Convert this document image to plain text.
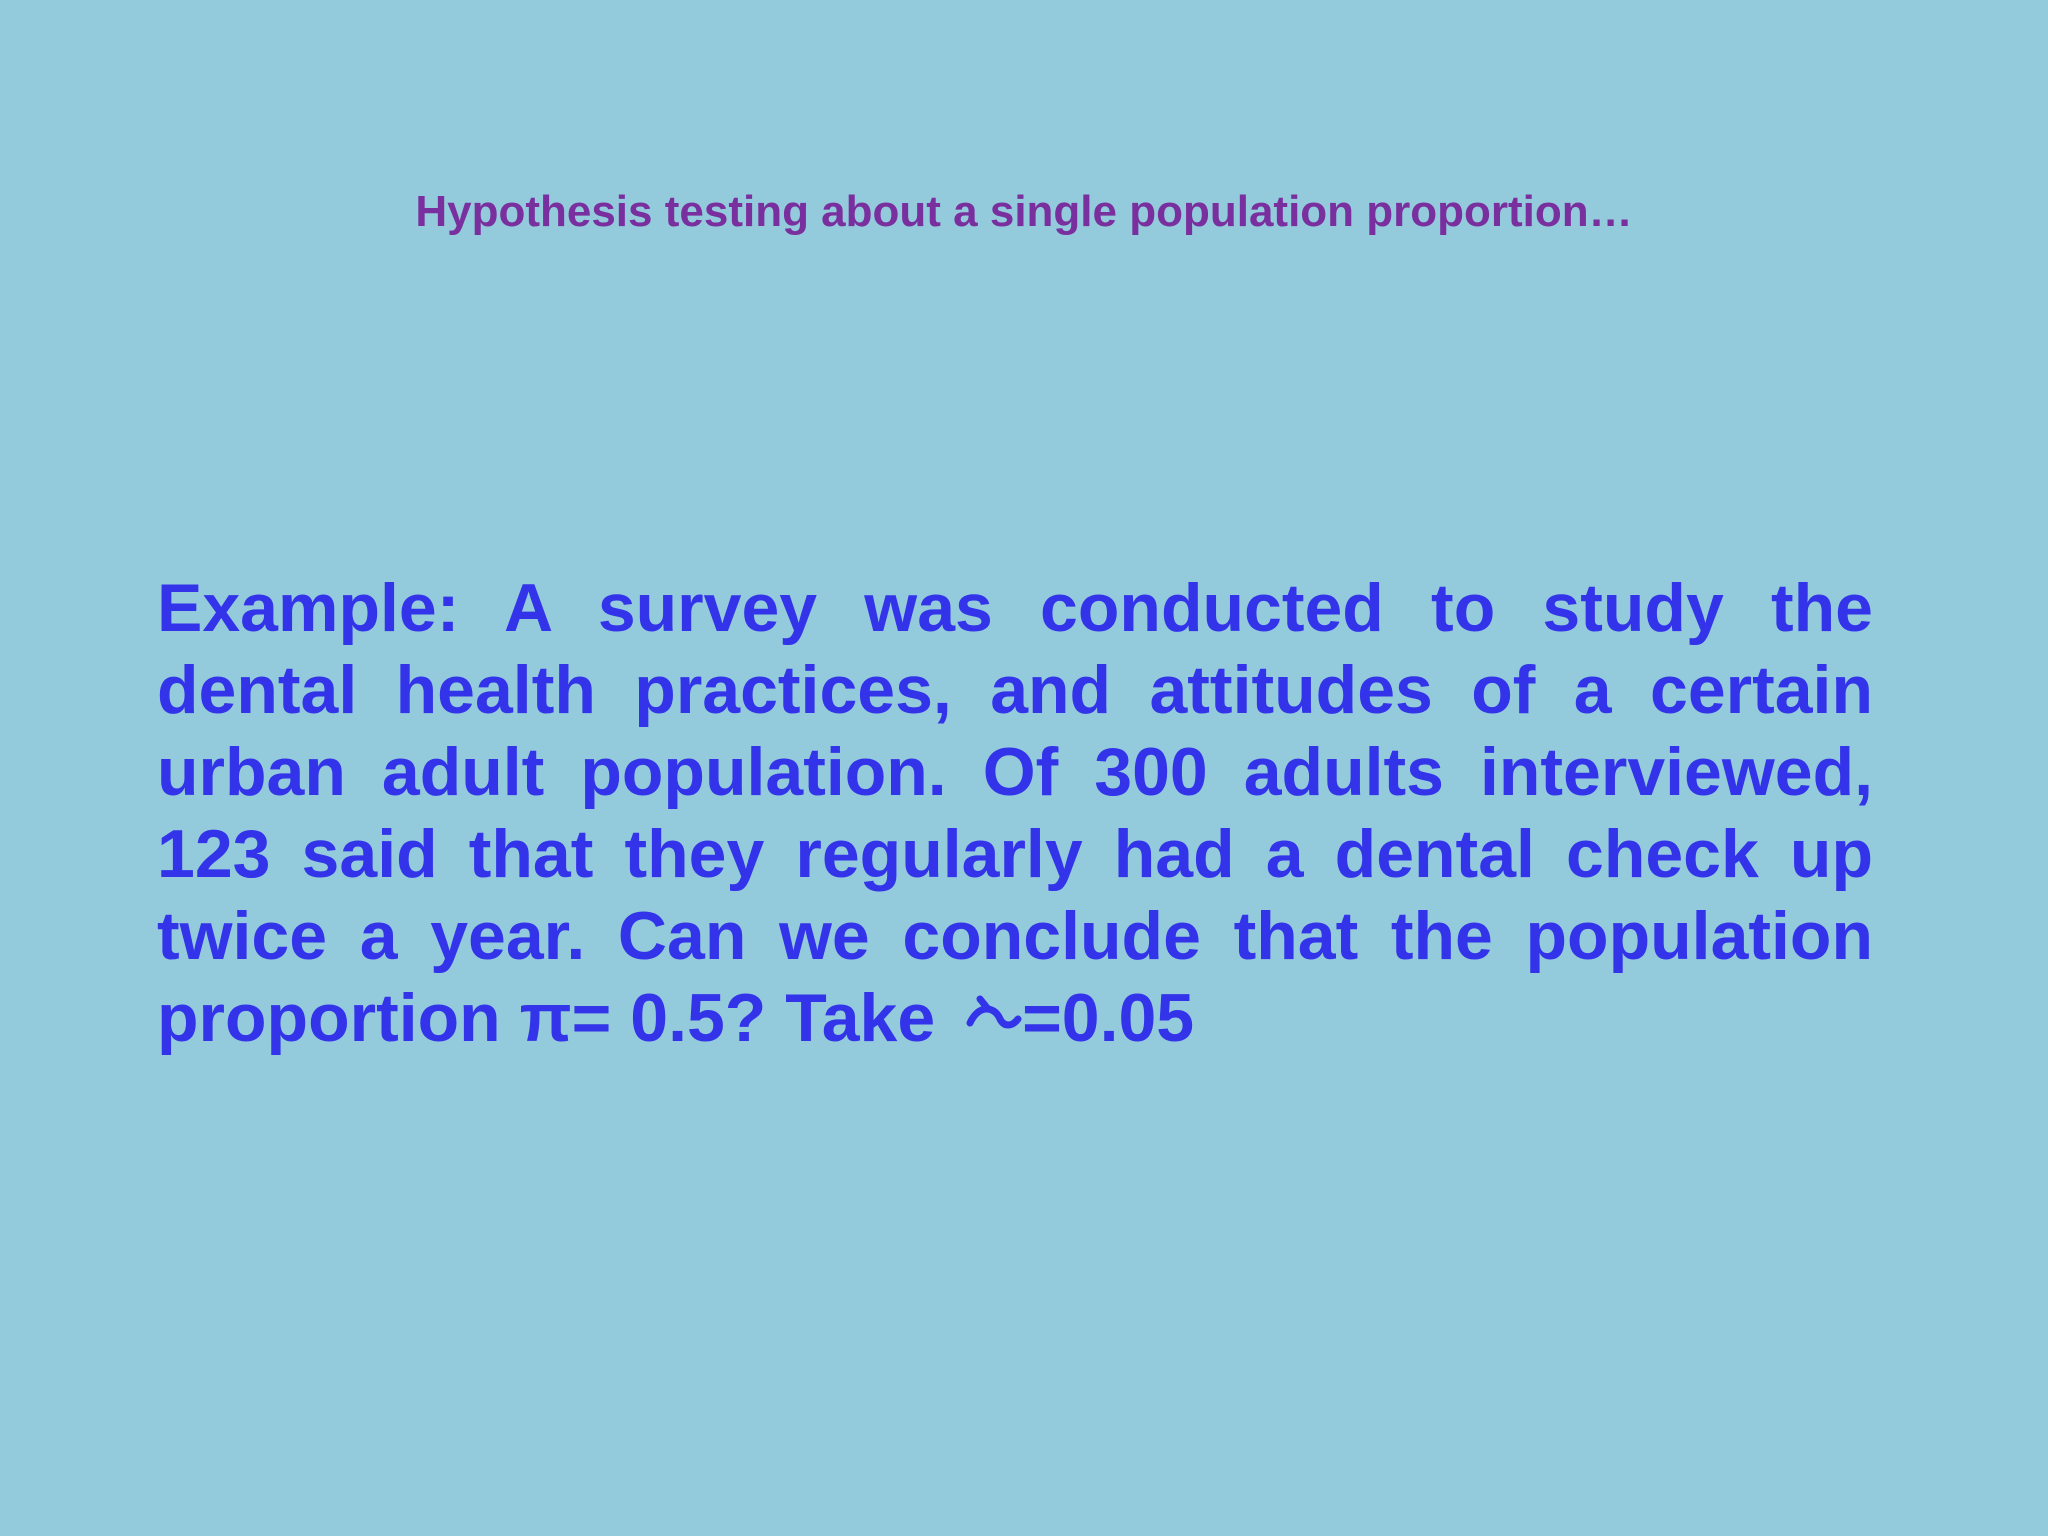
Hypothesis testing about a single population proportion…
Example: A survey was conducted to study the dental health practices, and attitudes of a certain urban adult population. Of 300 adults interviewed, 123 said that they regularly had a dental check up twice a year. Can we conclude that the population proportion π= 0.5? Take =0.05
